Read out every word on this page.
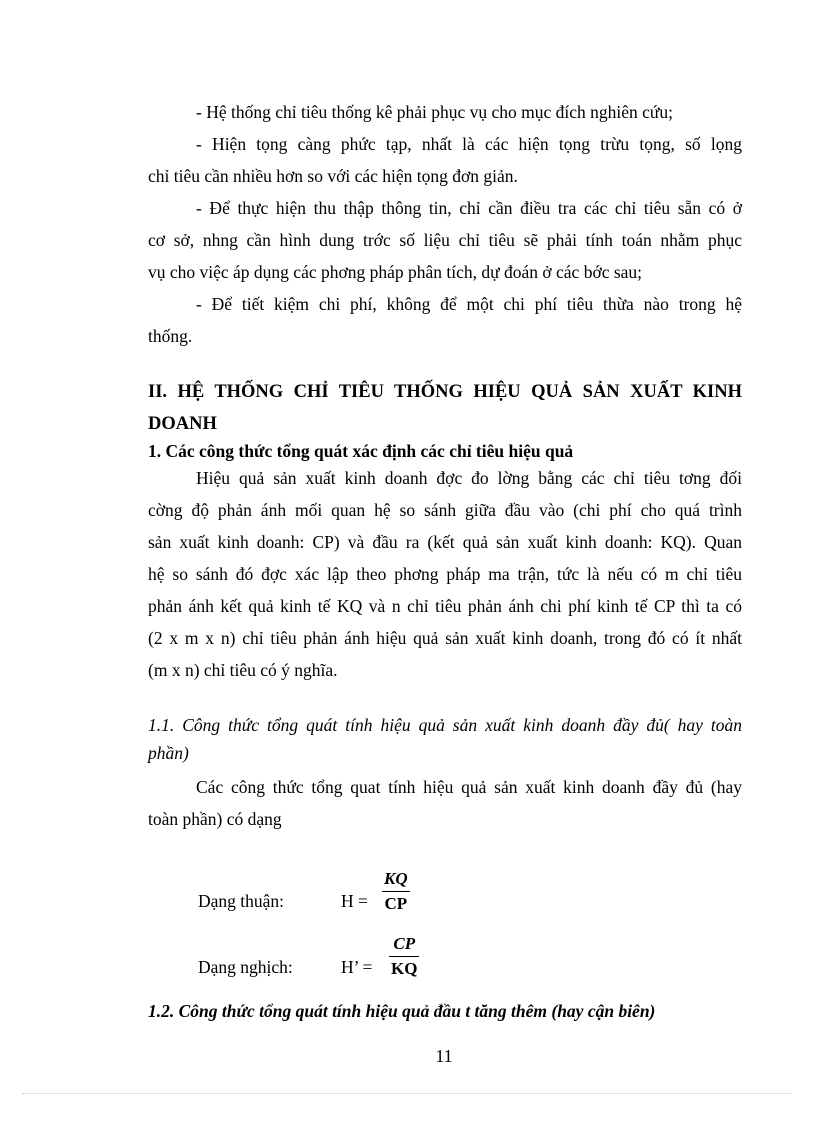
- Hệ thống chỉ tiêu thống kê phải phục vụ cho mục đích nghiên cứu;
- Hiện tọng càng phức tạp, nhất là các hiện tọng trừu tọng, số lọng
chỉ tiêu cần nhiều hơn so với các hiện tọng đơn giản.
- Để thực hiện thu thập thông tin, chỉ cần điều tra các chỉ tiêu sẵn có ở
cơ sở, nhng cần hình dung trớc số liệu chỉ tiêu sẽ phải tính toán nhằm phục
vụ cho việc áp dụng các phơng pháp phân tích, dự đoán ở các bớc sau;
- Để tiết kiệm chi phí, không để một chi phí tiêu thừa nào trong hệ
thống.
II. HỆ THỐNG CHỈ TIÊU THỐNG HIỆU QUẢ SẢN XUẤT KINH
DOANH
1. Các công thức tổng quát xác định các chỉ tiêu hiệu quả
Hiệu quả sản xuất kinh doanh đợc đo lờng bằng các chỉ tiêu tơng đối
cờng độ phản ánh mối quan hệ so sánh giữa đầu vào (chi phí cho quá trình
sản xuất kinh doanh: CP) và đầu ra (kết quả sản xuất kinh doanh: KQ). Quan
hệ so sánh đó đợc xác lập theo phơng pháp ma trận, tức là nếu có m chỉ tiêu
phản ánh kết quả kinh tế KQ và n chỉ tiêu phản ánh chi phí kinh tế CP thì ta có
(2 x m x n) chỉ tiêu phản ánh hiệu quả sản xuất kinh doanh, trong đó có ít nhất
(m x n) chỉ tiêu có ý nghĩa.
1.1. Công thức tổng quát tính hiệu quả sản xuất kinh doanh đầy đủ( hay toàn
phần)
Các công thức tổng quat tính hiệu quả sản xuất kinh doanh đầy đủ (hay
toàn phần) có dạng
Dạng thuận:	H =
KQ
CP
Dạng nghịch:	H’ =
CP
KQ
1.2. Công thức tổng quát tính hiệu quả đầu t tăng thêm (hay cận biên)
11
